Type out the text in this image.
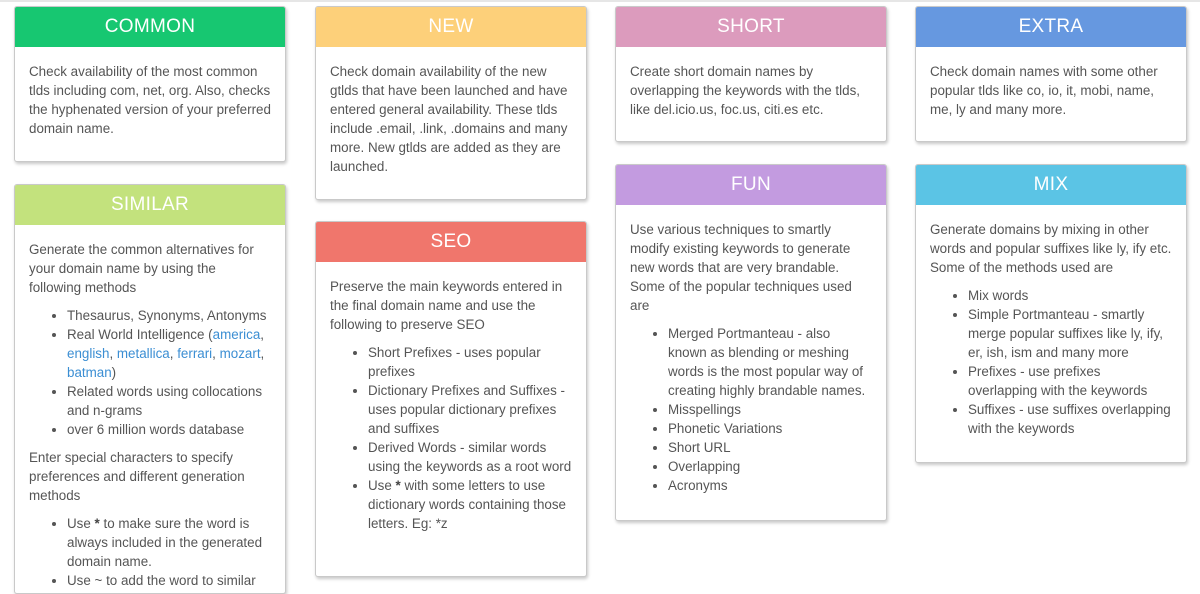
COMMON

Check availability of the most common tlds including com, net, org. Also, checks the hyphenated version of your preferred domain name.

NEW

Check domain availability of the new gtlds that have been launched and have entered general availability. These tlds include .email, .link, .domains and many more. New gtlds are added as they are launched.

SHORT

Create short domain names by overlapping the keywords with the tlds, like del.icio.us, foc.us, citi.es etc.

EXTRA

Check domain names with some other popular tlds like co, io, it, mobi, name, me, ly and many more.

SIMILAR

Generate the common alternatives for your domain name by using the following methods

• Thesaurus, Synonyms, Antonyms
• Real World Intelligence (america, english, metallica, ferrari, mozart, batman)
• Related words using collocations and n-grams
• over 6 million words database

Enter special characters to specify preferences and different generation methods

• Use * to make sure the word is always included in the generated domain name.
• Use ~ to add the word to similar
SEO

Preserve the main keywords entered in the final domain name and use the following to preserve SEO

• Short Prefixes - uses popular prefixes
• Dictionary Prefixes and Suffixes - uses popular dictionary prefixes and suffixes
• Derived Words - similar words using the keywords as a root word
• Use * with some letters to use dictionary words containing those letters. Eg: *z
FUN

Use various techniques to smartly modify existing keywords to generate new words that are very brandable. Some of the popular techniques used are

• Merged Portmanteau - also known as blending or meshing words is the most popular way of creating highly brandable names.
• Misspellings
• Phonetic Variations
• Short URL
• Overlapping
• Acronyms
MIX

Generate domains by mixing in other words and popular suffixes like ly, ify etc. Some of the methods used are

• Mix words
• Simple Portmanteau - smartly merge popular suffixes like ly, ify, er, ish, ism and many more
• Prefixes - use prefixes overlapping with the keywords
• Suffixes - use suffixes overlapping with the keywords
